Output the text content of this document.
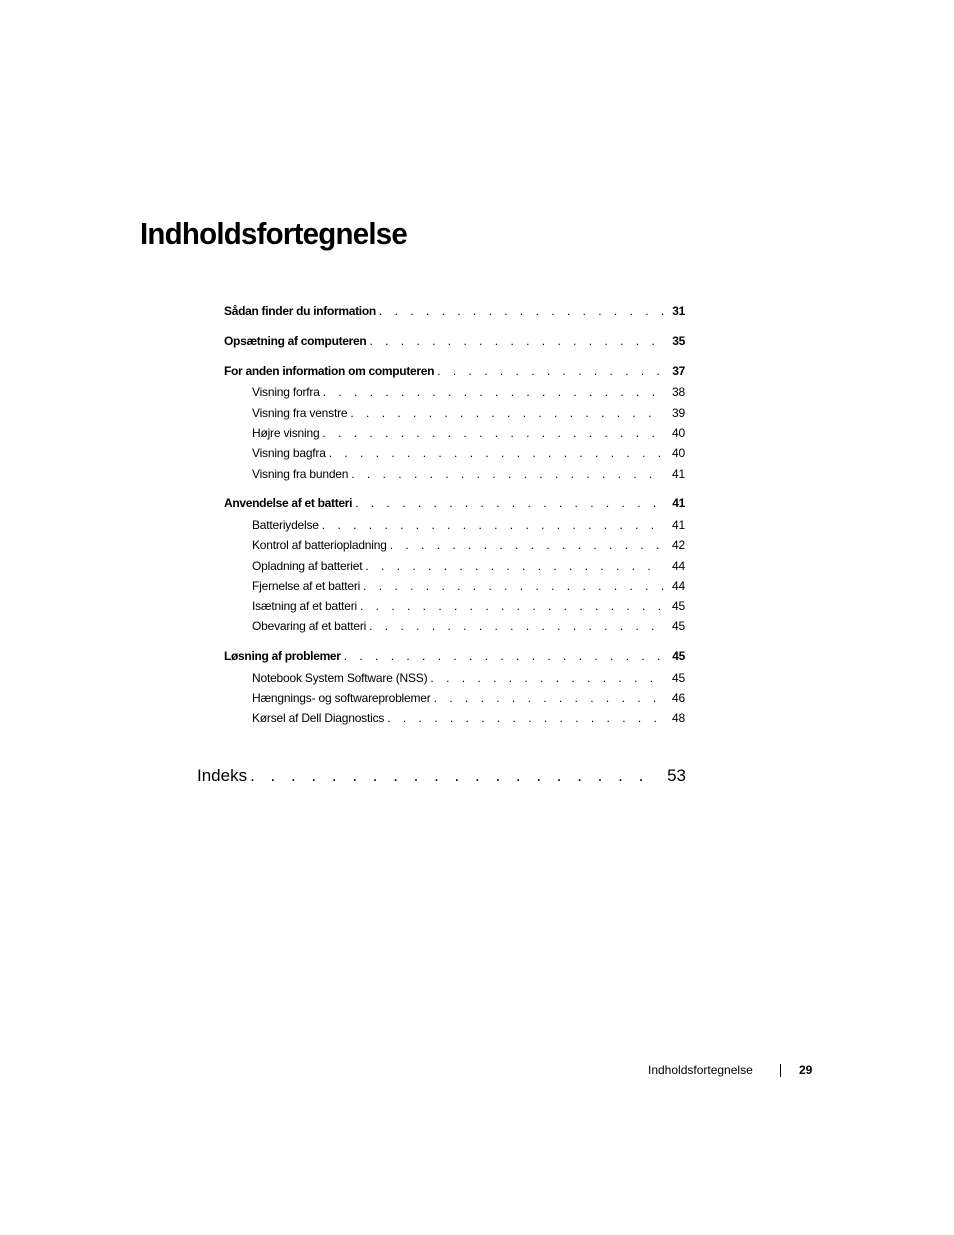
Indholdsfortegnelse
Sådan finder du information . . .	31
Opsætning af computeren . . .	35
For anden information om computeren . . .	37
Visning forfra . . .	38
Visning fra venstre . . .	39
Højre visning . . .	40
Visning bagfra . . .	40
Visning fra bunden . . .	41
Anvendelse af et batteri . . .	41
Batteriydelse . . .	41
Kontrol af batteriopladning . . .	42
Opladning af batteriet . . .	44
Fjernelse af et batteri . . .	44
Isætning af et batteri . . .	45
Obevaring af et batteri . . .	45
Løsning af problemer . . .	45
Notebook System Software (NSS) . . .	45
Hængnings- og softwareproblemer . . .	46
Kørsel af Dell Diagnostics . . .	48
Indeks . . .	53
Indholdsfortegnelse	29
